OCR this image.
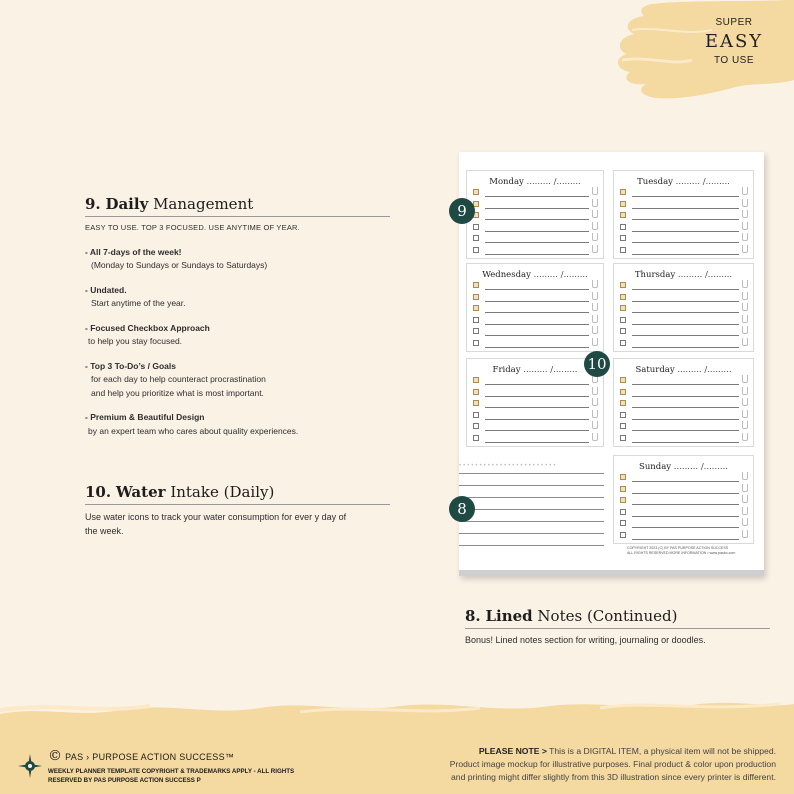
SUPER
EASY
TO USE
9. Daily Management
EASY TO USE. TOP 3 FOCUSED. USE ANYTIME OF YEAR.
- All 7-days of the week!
(Monday to Sundays or Sundays to Saturdays)
- Undated.
Start anytime of the year.
- Focused Checkbox Approach
to help you stay focused.
- Top 3 To-Do’s / Goals
for each day to help counteract procrastination
and help you prioritize what is most important.
- Premium & Beautiful Design
by an expert team who cares about quality experiences.
10. Water Intake (Daily)
Use water icons to track your water consumption for ever y day of
the week.
••••••••••••••••••••••••
COPYRIGHT 2023 (C) BY PAS PURPOSE ACTION SUCCESS
ALL RIGHTS RESERVED MORE INFORMATION • www.pasko.com
Monday ......... /.........	Tuesday ......... /.........
Wednesday ......... /.........	Thursday ......... /.........
Friday ......... /.........	Saturday ......... /.........
Sunday ......... /.........
9
10
8
8. Lined Notes (Continued)
Bonus! Lined notes section for writing, journaling or doodles.
© PAS › PURPOSE ACTION SUCCESS™
WEEKLY PLANNER TEMPLATE COPYRIGHT & TRADEMARKS APPLY - ALL RIGHTS
RESERVED BY PAS PURPOSE ACTION SUCCESS P
PLEASE NOTE > This is a DIGITAL ITEM, a physical item will not be shipped.
Product image mockup for illustrative purposes. Final product & color upon production
and printing might differ slightly from this 3D illustration since every printer is different.
